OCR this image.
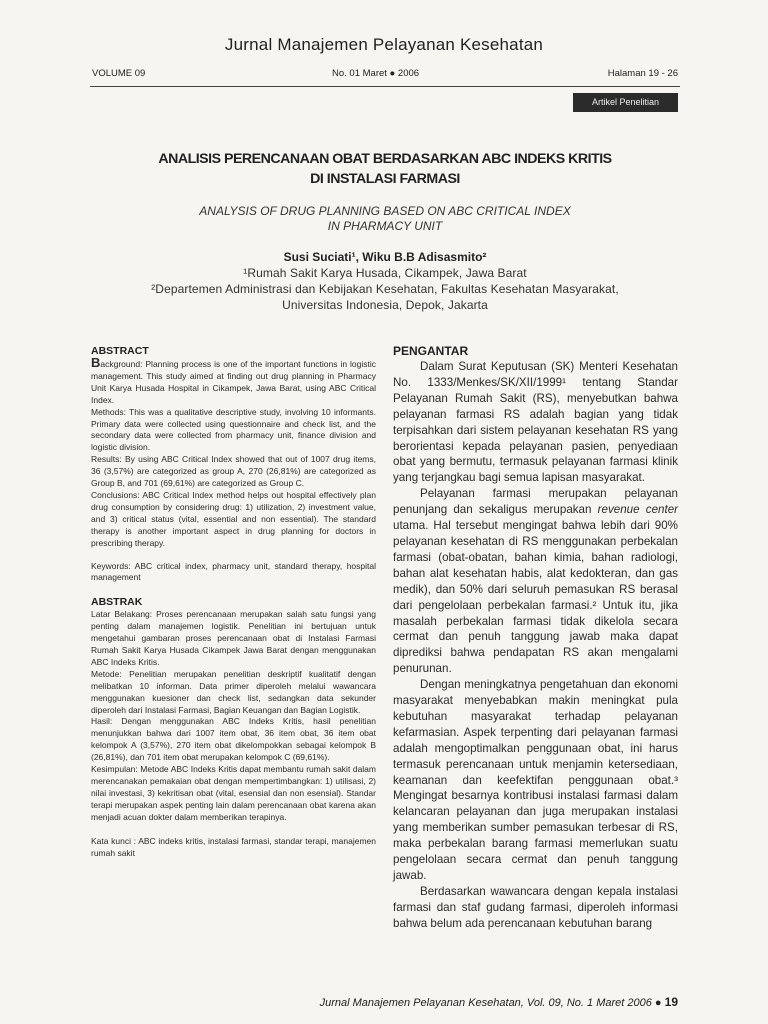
Jurnal Manajemen Pelayanan Kesehatan
VOLUME 09	No. 01 Maret ● 2006	Halaman 19 - 26
Artikel Penelitian
ANALISIS PERENCANAAN OBAT BERDASARKAN ABC INDEKS KRITIS
DI INSTALASI FARMASI
ANALYSIS OF DRUG PLANNING BASED ON ABC CRITICAL INDEX
IN PHARMACY UNIT
Susi Suciati¹, Wiku B.B Adisasmito²
¹Rumah Sakit Karya Husada, Cikampek, Jawa Barat
²Departemen Administrasi dan Kebijakan Kesehatan, Fakultas Kesehatan Masyarakat,
Universitas Indonesia, Depok, Jakarta
ABSTRACT

Background: Planning process is one of the important functions in logistic management. This study aimed at finding out drug planning in Pharmacy Unit Karya Husada Hospital in Cikampek, Jawa Barat, using ABC Critical Index.

Methods: This was a qualitative descriptive study, involving 10 informants. Primary data were collected using questionnaire and check list, and the secondary data were collected from pharmacy unit, finance division and logistic division.

Results: By using ABC Critical Index showed that out of 1007 drug items, 36 (3,57%) are categorized as group A, 270 (26,81%) are categorized as Group B, and 701 (69,61%) are categorized as Group C.

Conclusions: ABC Critical Index method helps out hospital effectively plan drug consumption by considering drug: 1) utilization, 2) investment value, and 3) critical status (vital, essential and non essential). The standard therapy is another important aspect in drug planning for doctors in prescribing therapy.

Keywords: ABC critical index, pharmacy unit, standard therapy, hospital management

ABSTRAK

Latar Belakang: Proses perencanaan merupakan salah satu fungsi yang penting dalam manajemen logistik. Penelitian ini bertujuan untuk mengetahui gambaran proses perencanaan obat di Instalasi Farmasi Rumah Sakit Karya Husada Cikampek Jawa Barat dengan menggunakan ABC Indeks Kritis.

Metode: Penelitian merupakan penelitian deskriptif kualitatif dengan melibatkan 10 informan. Data primer diperoleh melalui wawancara menggunakan kuesioner dan check list, sedangkan data sekunder diperoleh dari Instalasi Farmasi, Bagian Keuangan dan Bagian Logistik.

Hasil: Dengan menggunakan ABC Indeks Kritis, hasil penelitian menunjukkan bahwa dari 1007 item obat, 36 item obat, 36 item obat kelompok A (3,57%), 270 item obat dikelompokkan sebagai kelompok B (26,81%), dan 701 item obat merupakan kelompok C (69,61%).

Kesimpulan: Metode ABC Indeks Kritis dapat membantu rumah sakit dalam merencanakan pemakaian obat dengan mempertimbangkan: 1) utilisasi, 2) nilai investasi, 3) kekritisan obat (vital, esensial dan non esensial). Standar terapi merupakan aspek penting lain dalam perencanaan obat karena akan menjadi acuan dokter dalam memberikan terapinya.

Kata kunci : ABC indeks kritis, instalasi farmasi, standar terapi, manajemen rumah sakit

PENGANTAR

Dalam Surat Keputusan (SK) Menteri Kesehatan No. 1333/Menkes/SK/XII/1999¹ tentang Standar Pelayanan Rumah Sakit (RS), menyebutkan bahwa pelayanan farmasi RS adalah bagian yang tidak terpisahkan dari sistem pelayanan kesehatan RS yang berorientasi kepada pelayanan pasien, penyediaan obat yang bermutu, termasuk pelayanan farmasi klinik yang terjangkau bagi semua lapisan masyarakat.

Pelayanan farmasi merupakan pelayanan penunjang dan sekaligus merupakan revenue center utama. Hal tersebut mengingat bahwa lebih dari 90% pelayanan kesehatan di RS menggunakan perbekalan farmasi (obat-obatan, bahan kimia, bahan radiologi, bahan alat kesehatan habis, alat kedokteran, dan gas medik), dan 50% dari seluruh pemasukan RS berasal dari pengelolaan perbekalan farmasi.² Untuk itu, jika masalah perbekalan farmasi tidak dikelola secara cermat dan penuh tanggung jawab maka dapat diprediksi bahwa pendapatan RS akan mengalami penurunan.

Dengan meningkatnya pengetahuan dan ekonomi masyarakat menyebabkan makin meningkat pula kebutuhan masyarakat terhadap pelayanan kefarmasian. Aspek terpenting dari pelayanan farmasi adalah mengoptimalkan penggunaan obat, ini harus termasuk perencanaan untuk menjamin ketersediaan, keamanan dan keefektifan penggunaan obat.³ Mengingat besarnya kontribusi instalasi farmasi dalam kelancaran pelayanan dan juga merupakan instalasi yang memberikan sumber pemasukan terbesar di RS, maka perbekalan barang farmasi memerlukan suatu pengelolaan secara cermat dan penuh tanggung jawab.

Berdasarkan wawancara dengan kepala instalasi farmasi dan staf gudang farmasi, diperoleh informasi bahwa belum ada perencanaan kebutuhan barang

Jurnal Manajemen Pelayanan Kesehatan, Vol. 09, No. 1 Maret 2006 ● 19
